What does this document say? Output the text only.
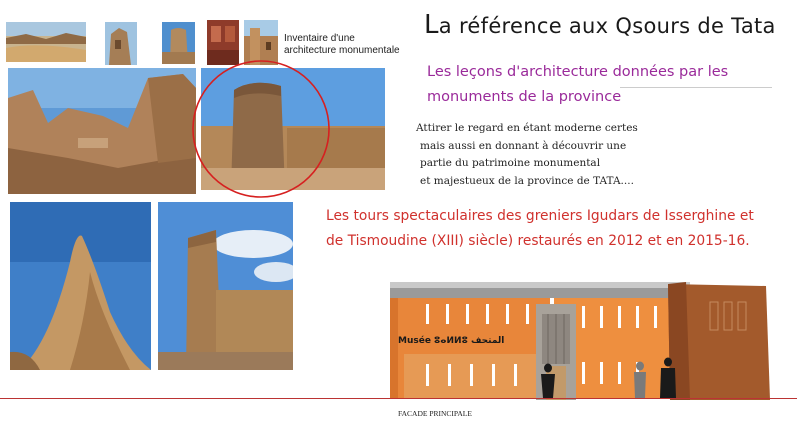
Inventaire d'une architecture monumentale
La référence aux Qsours de Tata
Les leçons d'architecture données par les
monuments de la province
Attirer le regard en étant moderne certes
mais aussi en donnant à découvrir une
partie du patrimoine monumental
et majestueux de la province de TATA....
Les tours spectaculaires des greniers Igudars de Isserghine et
de Tismoudine (XIII) siècle) restaurés en 2012 et en 2015-16.
Musée ⵓⴰⵍⵍⵓ المتحف
FACADE PRINCIPALE
